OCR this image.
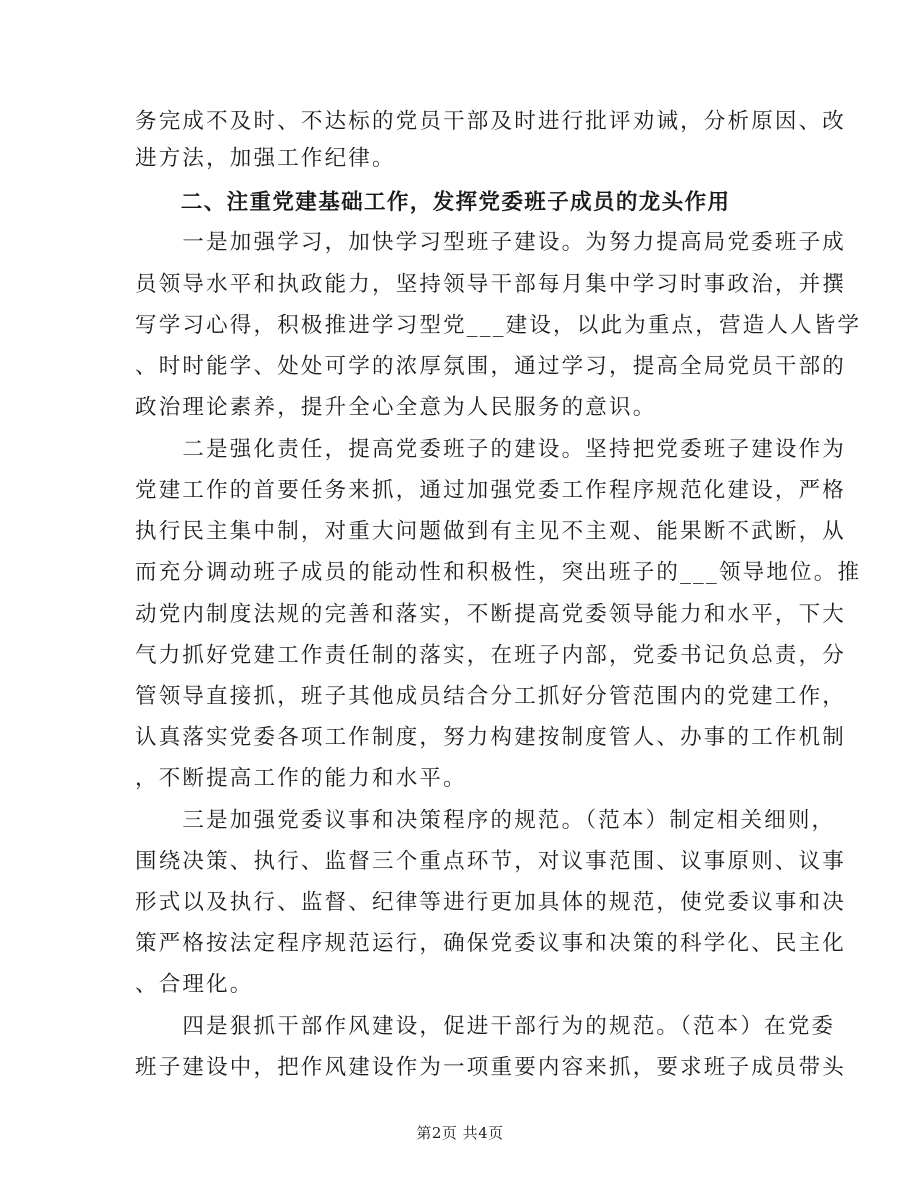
务完成不及时、不达标的党员干部及时进行批评劝诫，分析原因、改
进方法，加强工作纪律。
　　二、注重党建基础工作，发挥党委班子成员的龙头作用
　　一是加强学习，加快学习型班子建设。为努力提高局党委班子成
员领导水平和执政能力，坚持领导干部每月集中学习时事政治，并撰
写学习心得，积极推进学习型党___建设，以此为重点，营造人人皆学
、时时能学、处处可学的浓厚氛围，通过学习，提高全局党员干部的
政治理论素养，提升全心全意为人民服务的意识。
　　二是强化责任，提高党委班子的建设。坚持把党委班子建设作为
党建工作的首要任务来抓，通过加强党委工作程序规范化建设，严格
执行民主集中制，对重大问题做到有主见不主观、能果断不武断，从
而充分调动班子成员的能动性和积极性，突出班子的___领导地位。推
动党内制度法规的完善和落实，不断提高党委领导能力和水平，下大
气力抓好党建工作责任制的落实，在班子内部，党委书记负总责，分
管领导直接抓，班子其他成员结合分工抓好分管范围内的党建工作，
认真落实党委各项工作制度，努力构建按制度管人、办事的工作机制
，不断提高工作的能力和水平。
　　三是加强党委议事和决策程序的规范。（范本）制定相关细则，
围绕决策、执行、监督三个重点环节，对议事范围、议事原则、议事
形式以及执行、监督、纪律等进行更加具体的规范，使党委议事和决
策严格按法定程序规范运行，确保党委议事和决策的科学化、民主化
、合理化。
　　四是狠抓干部作风建设，促进干部行为的规范。（范本）在党委
班子建设中，把作风建设作为一项重要内容来抓，要求班子成员带头
第2页 共4页
